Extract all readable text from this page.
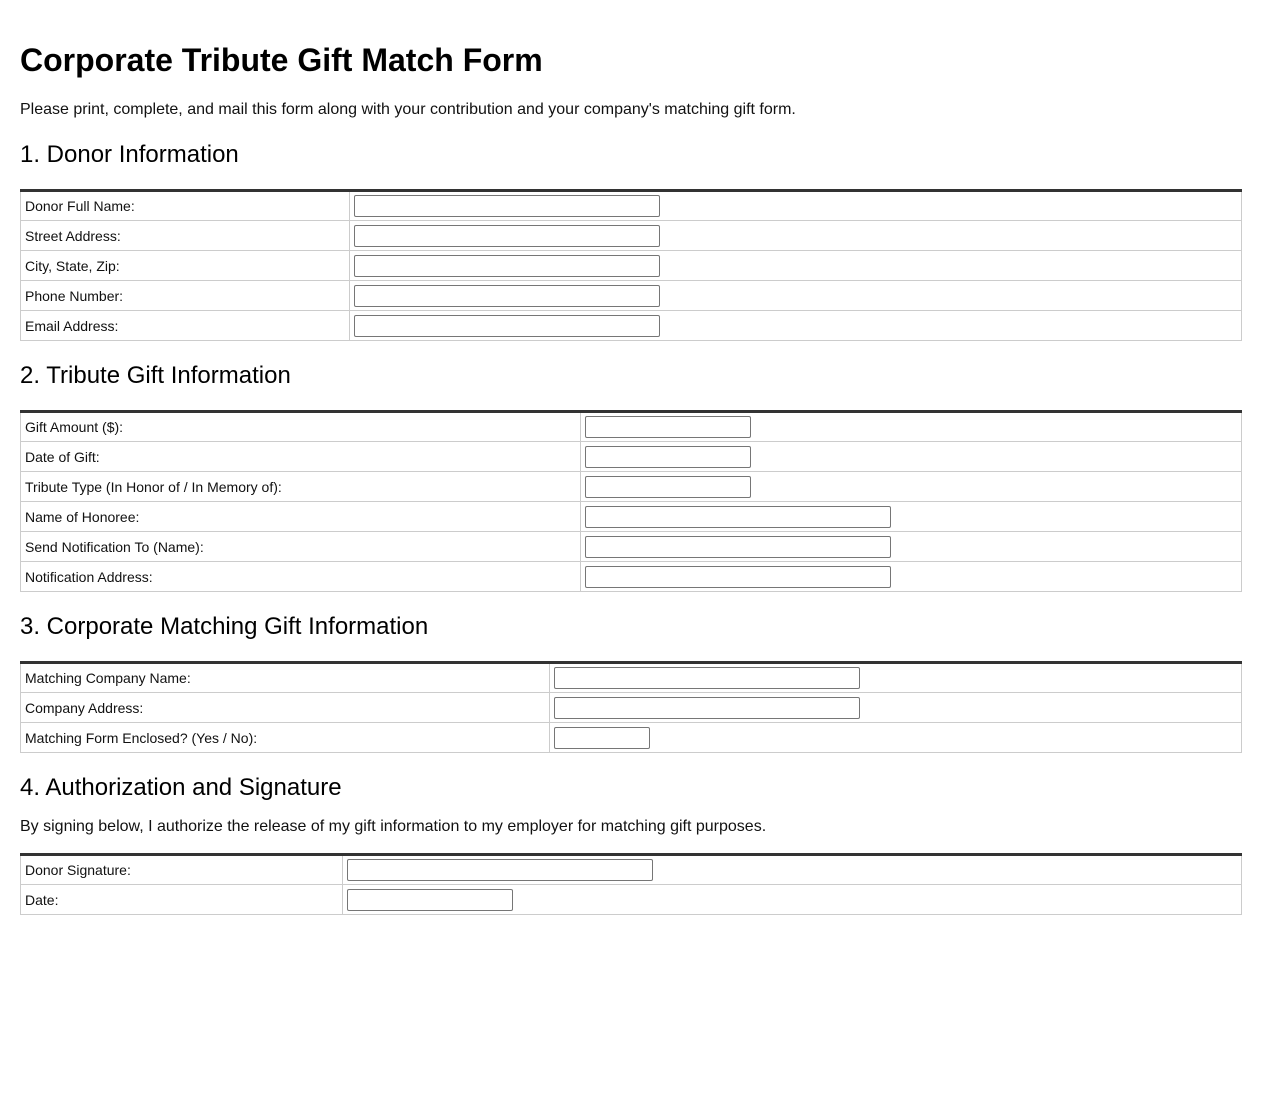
Corporate Tribute Gift Match Form

Please print, complete, and mail this form along with your contribution and your company's matching gift form.

1. Donor Information
Donor Full Name:	

Street Address:	

City, State, Zip:	

Phone Number:	

Email Address:	
2. Tribute Gift Information
Gift Amount ($):	

Date of Gift:	

Tribute Type (In Honor of / In Memory of):	

Name of Honoree:	

Send Notification To (Name):	

Notification Address:	
3. Corporate Matching Gift Information
Matching Company Name:	

Company Address:	

Matching Form Enclosed? (Yes / No):	
4. Authorization and Signature

By signing below, I authorize the release of my gift information to my employer for matching gift purposes.

Donor Signature:	

Date:	
